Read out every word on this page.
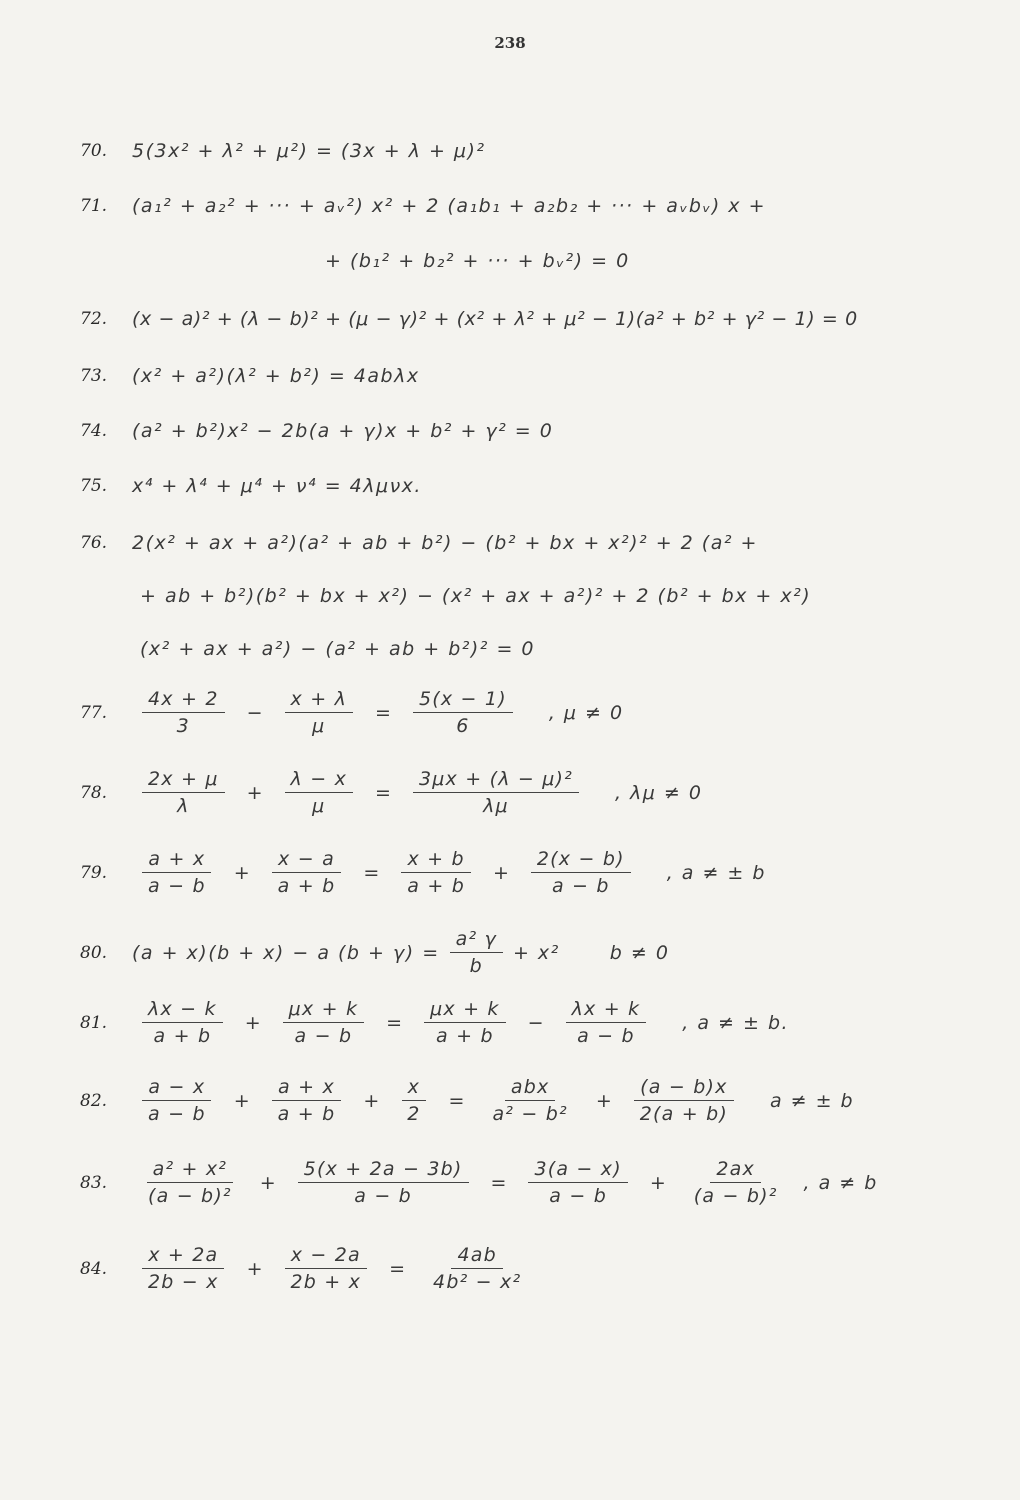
238
70.	5(3x² + λ² + μ²) = (3x + λ + μ)²
71.	(a₁² + a₂² + ‧‧‧ + aᵥ²) x² + 2 (a₁b₁ + a₂b₂ + ‧‧‧ + aᵥbᵥ) x +
+ (b₁² + b₂² + ‧‧‧ + bᵥ²) = 0
72.	(x − a)² + (λ − b)² + (μ − γ)² + (x² + λ² + μ² − 1)(a² + b² + γ² − 1) = 0
73.	(x² + a²)(λ² + b²) = 4abλx
74.	(a² + b²)x² − 2b(a + γ)x + b² + γ² = 0
75.	x⁴ + λ⁴ + μ⁴ + ν⁴ = 4λμνx.
76.	2(x² + ax + a²)(a² + ab + b²) − (b² + bx + x²)² + 2 (a² +
+ ab + b²)(b² + bx + x²) − (x² + ax + a²)² + 2 (b² + bx + x²)
(x² + ax + a²) − (a² + ab + b²)² = 0
77.	$\frac{4x + 2}{3} - \frac{x + \lambda}{\mu} = \frac{5(x - 1)}{6}$ , μ ≠ 0
78.	$\frac{2x + \mu}{\lambda} + \frac{\lambda - x}{\mu} = \frac{\text{3μx + (λ − μ)²}}{\lambda\mu}$ , λμ ≠ 0
79.	$\frac{a + x}{a - b} + \frac{x - a}{a + b} = \frac{x + b}{a + b} + \frac{2(x - b)}{a - b}$ , a ≠ ± b
80.	(a + x)(b + x) − a $(b + \gamma) = \frac{\text{a² γ}}{b} + x^2$	b ≠ 0
81.	$\frac{\lambda x - k}{a + b} + \frac{\mu x + k}{a - b} = \frac{\mu x + k}{a + b} - \frac{\lambda x + k}{a - b}$ , a ≠ ± b.
82.	$\frac{a - x}{a - b} + \frac{a + x}{a + b} + \frac{x}{2} = \frac{\text{abx}}{\text{a² − b²}} + \frac{(a - b)x}{2(a + b)}$ a ≠ ± b
83.	$\frac{\text{a² + x²}}{\text{(a − b)²}} + \frac{5(x + 2a - 3b)}{a - b} = \frac{3(a - x)}{a - b} + \frac{2ax}{\text{(a − b)²}}$ , a ≠ b
84.	$\frac{x + 2a}{2b - x} + \frac{x - 2a}{2b + x} = \frac{4ab}{\text{4b² − x²}}$
